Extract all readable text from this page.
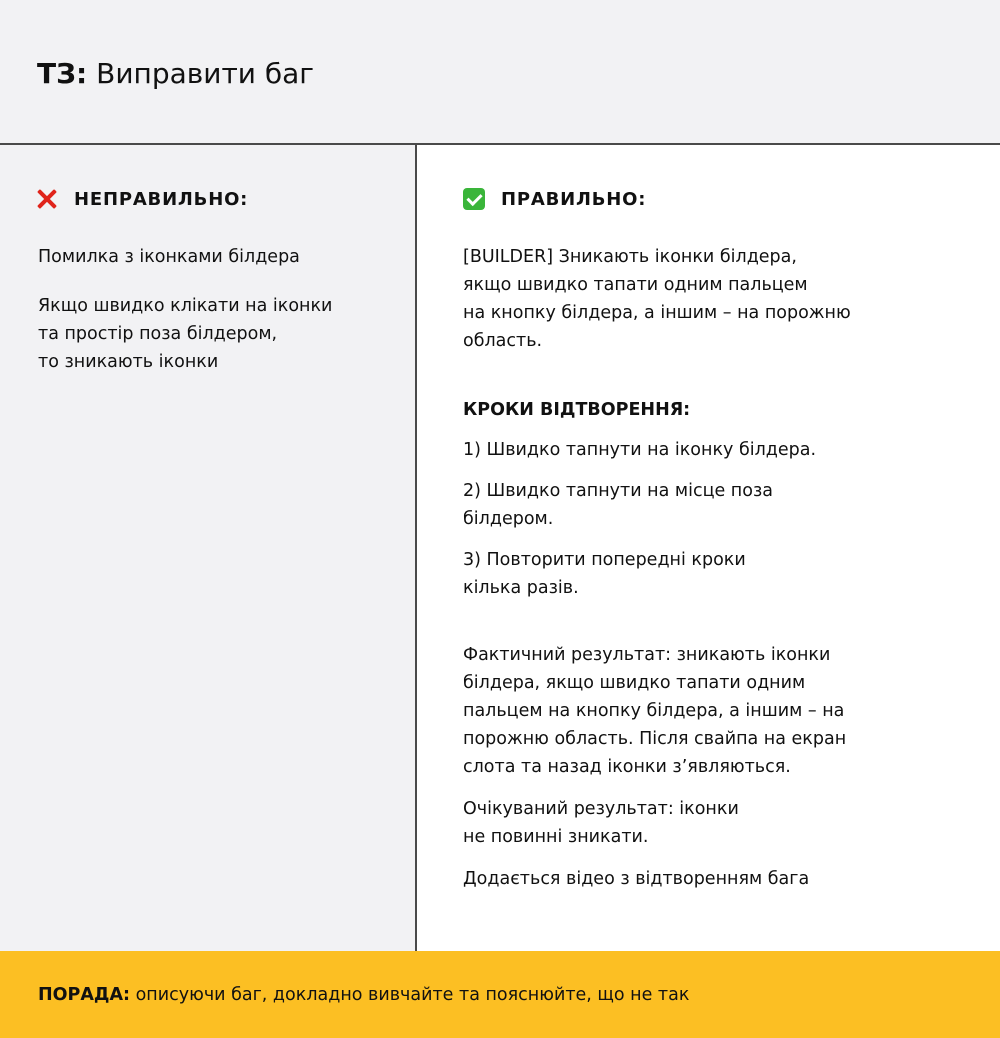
ТЗ: Виправити баг
НЕПРАВИЛЬНО:
Помилка з іконками білдера
Якщо швидко клікати на іконки
та простір поза білдером,
то зникають іконки
ПРАВИЛЬНО:
[BUILDER] Зникають іконки білдера,
якщо швидко тапати одним пальцем
на кнопку білдера, а іншим – на порожню
область.
КРОКИ ВІДТВОРЕННЯ:
1) Швидко тапнути на іконку білдера.
2) Швидко тапнути на місце поза
білдером.
3) Повторити попередні кроки
кілька разів.
Фактичний результат: зникають іконки
білдера, якщо швидко тапати одним
пальцем на кнопку білдера, а іншим – на
порожню область. Після свайпа на екран
слота та назад іконки з’являються.
Очікуваний результат: іконки
не повинні зникати.
Додається відео з відтворенням бага
ПОРАДА: описуючи баг, докладно вивчайте та пояснюйте, що не так
